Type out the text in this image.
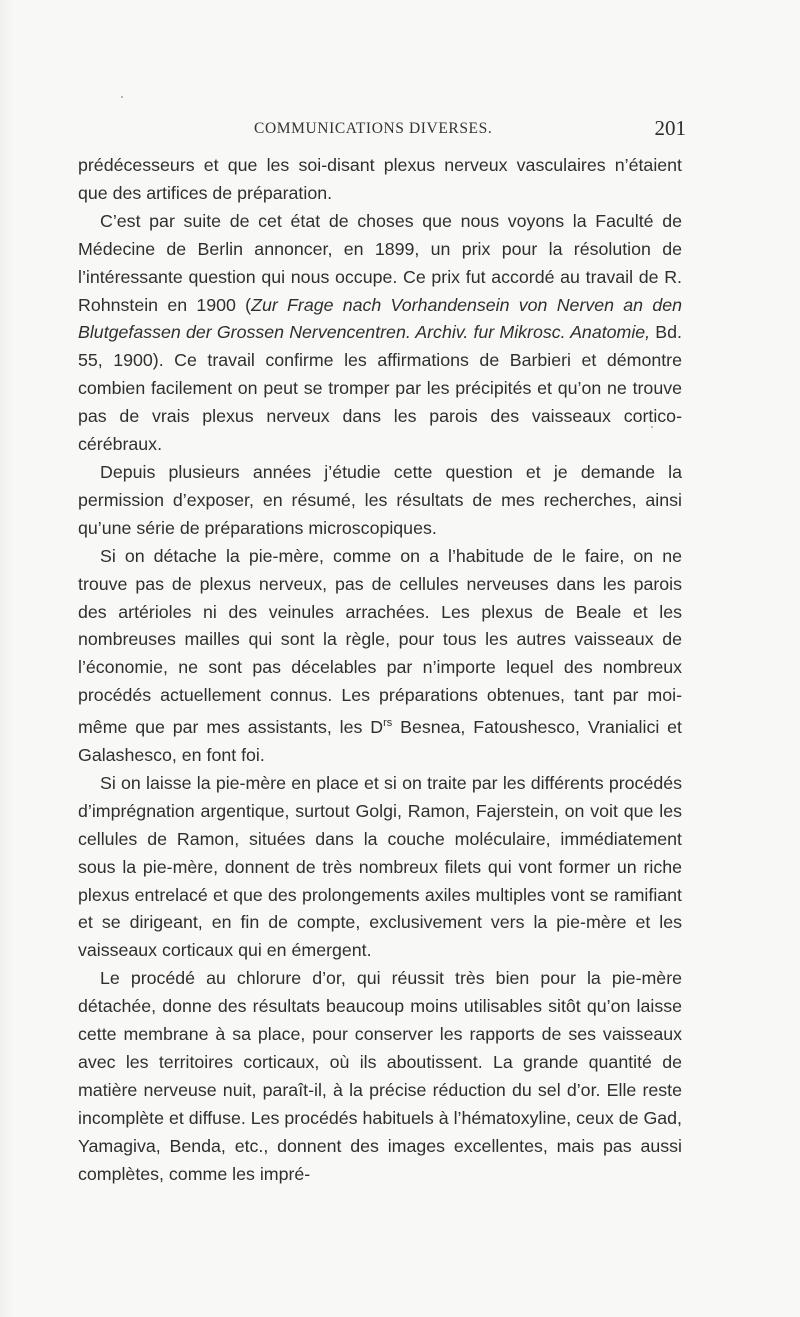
COMMUNICATIONS DIVERSES.	201

prédécesseurs et que les soi-disant plexus nerveux vasculaires n’étaient que des artifices de préparation.

C’est par suite de cet état de choses que nous voyons la Faculté de Médecine de Berlin annoncer, en 1899, un prix pour la résolution de l’intéressante question qui nous occupe. Ce prix fut accordé au travail de R. Rohnstein en 1900 (Zur Frage nach Vorhandensein von Nerven an den Blutgefassen der Grossen Nervencentren. Archiv. fur Mikrosc. Anatomie, Bd. 55, 1900). Ce travail confirme les affirmations de Barbieri et démontre combien facilement on peut se tromper par les précipités et qu’on ne trouve pas de vrais plexus nerveux dans les parois des vaisseaux cortico-cérébraux.

Depuis plusieurs années j’étudie cette question et je demande la permission d’exposer, en résumé, les résultats de mes recherches, ainsi qu’une série de préparations microscopiques.

Si on détache la pie-mère, comme on a l’habitude de le faire, on ne trouve pas de plexus nerveux, pas de cellules nerveuses dans les parois des artérioles ni des veinules arrachées. Les plexus de Beale et les nombreuses mailles qui sont la règle, pour tous les autres vaisseaux de l’économie, ne sont pas décelables par n’importe lequel des nombreux procédés actuellement connus. Les préparations obtenues, tant par moi-même que par mes assistants, les $D^{rs}$ Besnea, Fatoushesco, Vranialici et Galashesco, en font foi.

Si on laisse la pie-mère en place et si on traite par les différents procédés d’imprégnation argentique, surtout Golgi, Ramon, Fajerstein, on voit que les cellules de Ramon, situées dans la couche moléculaire, immédiatement sous la pie-mère, donnent de très nombreux filets qui vont former un riche plexus entrelacé et que des prolongements axiles multiples vont se ramifiant et se dirigeant, en fin de compte, exclusivement vers la pie-mère et les vaisseaux corticaux qui en émergent.

Le procédé au chlorure d’or, qui réussit très bien pour la pie-mère détachée, donne des résultats beaucoup moins utilisables sitôt qu’on laisse cette membrane à sa place, pour conserver les rapports de ses vaisseaux avec les territoires corticaux, où ils aboutissent. La grande quantité de matière nerveuse nuit, paraît-il, à la précise réduction du sel d’or. Elle reste incomplète et diffuse. Les procédés habituels à l’hématoxyline, ceux de Gad, Yamagiva, Benda, etc., donnent des images excellentes, mais pas aussi complètes, comme les impré-
